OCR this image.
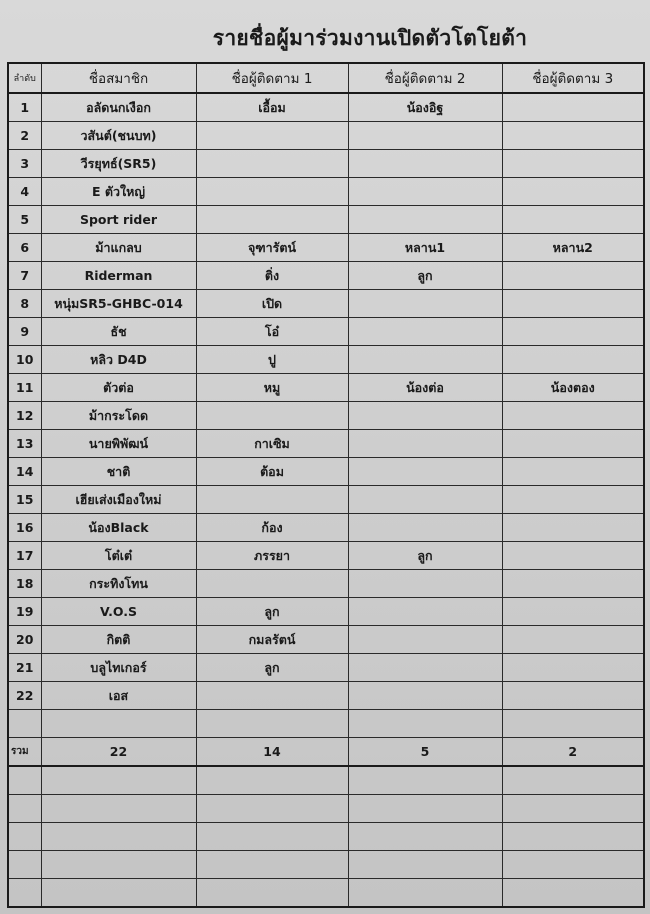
รายชื่อผู้มาร่วมงานเปิดตัวโตโยต้า
ลำดับ	ชื่อสมาชิก	ชื่อผู้ติดตาม 1	ชื่อผู้ติดตาม 2	ชื่อผู้ติดตาม 3
1	อลัดนกเงือก	เอื้อม	น้องอิฐ	
2	วสันต์(ชนบท)			
3	วีรยุทธ์(SR5)			
4	E ตัวใหญ่			
5	Sport rider			
6	ม้าแกลบ	จุฑารัตน์	หลาน1	หลาน2
7	Riderman	ติ่ง	ลูก	
8	หนุ่มSR5-GHBC-014	เปิด		
9	ธัช	โอ๋		
10	หลิว D4D	ปู		
11	ตัวต่อ	หมู	น้องต่อ	น้องตอง
12	ม้ากระโดด			
13	นายพิพัฒน์	กาเซิม		
14	ชาติ	ต้อม		
15	เฮียเส่งเมืองใหม่			
16	น้องBlack	ก้อง		
17	โต๋เต๋	ภรรยา	ลูก	
18	กระทิงโทน			
19	V.O.S	ลูก		
20	กิตติ	กมลรัตน์		
21	บลูไทเกอร์	ลูก		
22	เอส			

รวม	22	14	5	2
